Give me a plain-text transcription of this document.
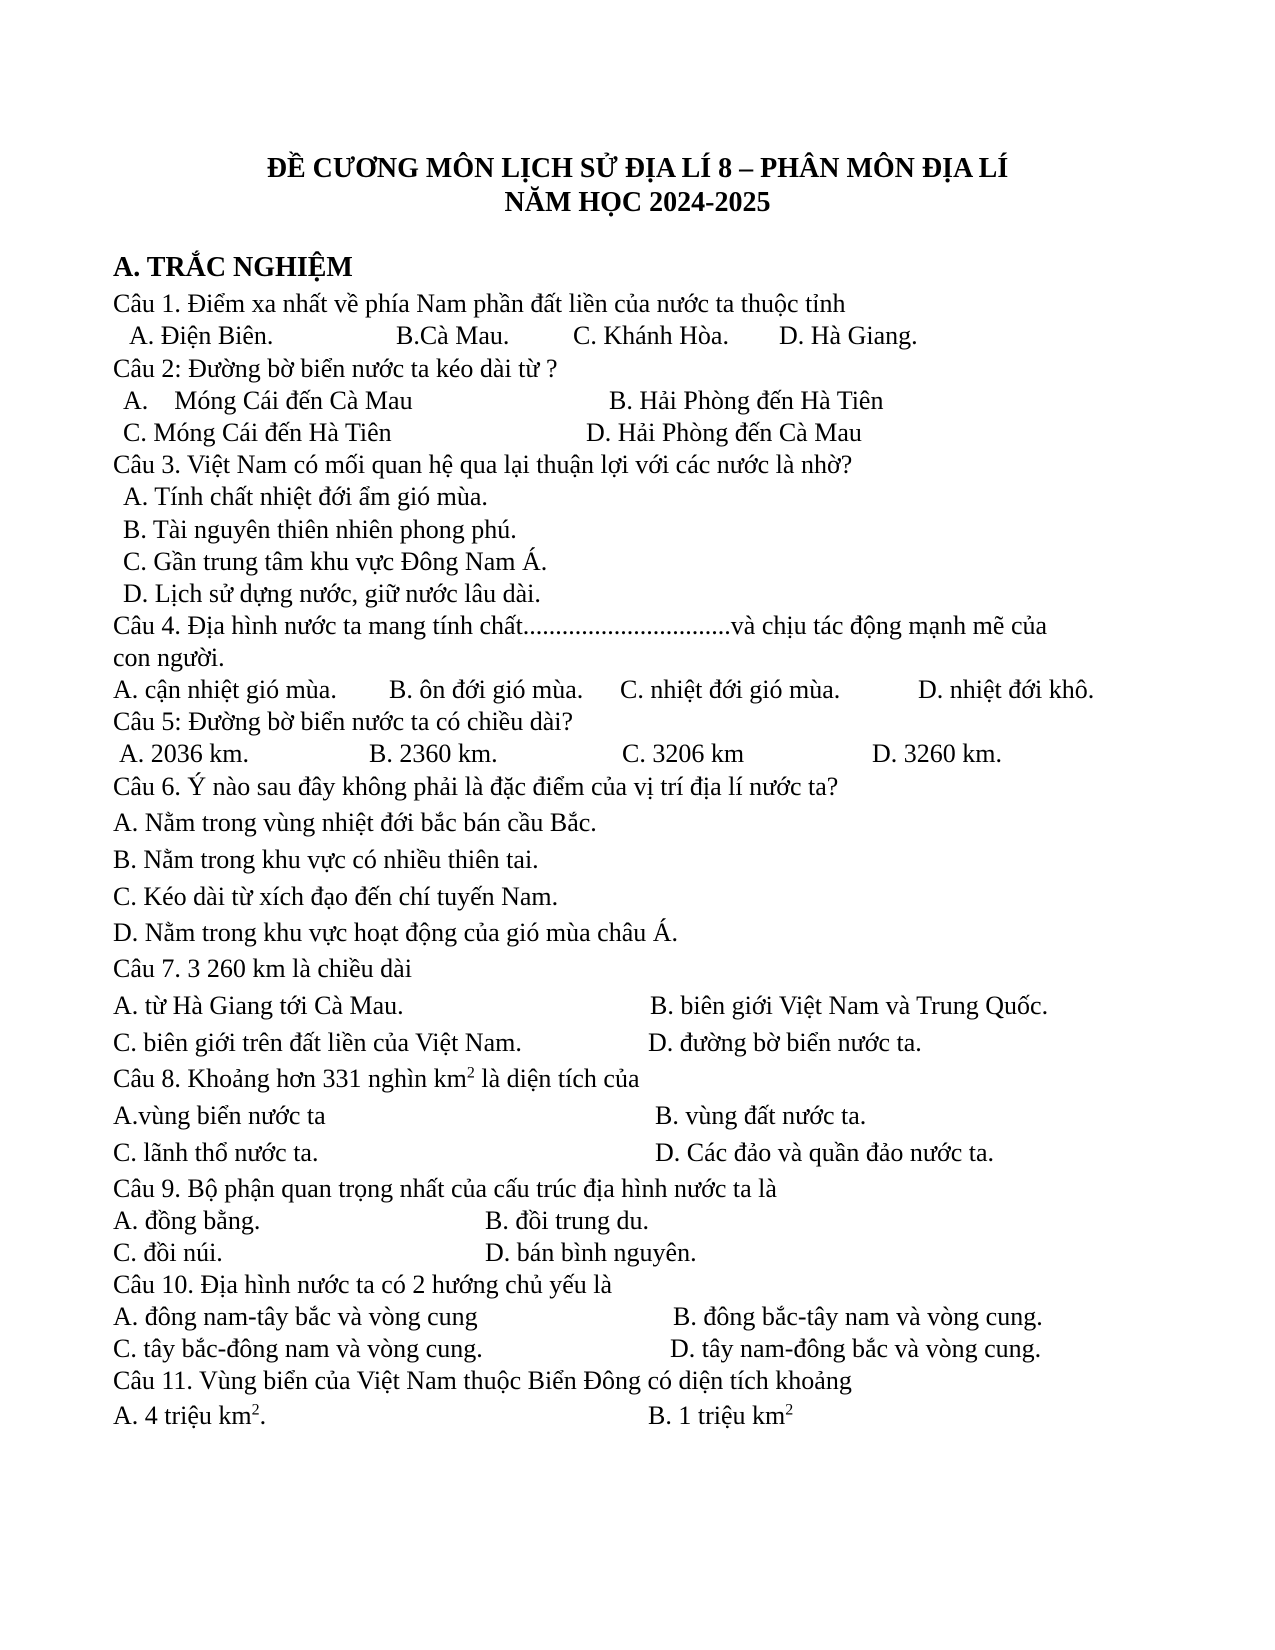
ĐỀ CƯƠNG MÔN LỊCH SỬ ĐỊA LÍ 8 – PHÂN MÔN ĐỊA LÍ
NĂM HỌC 2024-2025
A. TRẮC NGHIỆM
Câu 1. Điểm xa nhất về phía Nam phần đất liền của nước ta thuộc tỉnh
A. Điện Biên.	B.Cà Mau. C. Khánh Hòa. D. Hà Giang.
Câu 2: Đường bờ biển nước ta kéo dài từ ?
A.    Móng Cái đến Cà Mau	B. Hải Phòng đến Hà Tiên
C. Móng Cái đến Hà Tiên	D. Hải Phòng đến Cà Mau
Câu 3. Việt Nam có mối quan hệ qua lại thuận lợi với các nước là nhờ?
A. Tính chất nhiệt đới ẩm gió mùa.
B. Tài nguyên thiên nhiên phong phú.
C. Gần trung tâm khu vực Đông Nam Á.
D. Lịch sử dựng nước, giữ nước lâu dài.
Câu 4. Địa hình nước ta mang tính chất................................và chịu tác động mạnh mẽ của
con người.
A. cận nhiệt gió mùa. B. ôn đới gió mùa. C. nhiệt đới gió mùa.	D. nhiệt đới khô.
Câu 5: Đường bờ biển nước ta có chiều dài?
A. 2036 km.	B. 2360 km.	C. 3206 km	D. 3260 km.
Câu 6. Ý nào sau đây không phải là đặc điểm của vị trí địa lí nước ta?
A. Nằm trong vùng nhiệt đới bắc bán cầu Bắc.
B. Nằm trong khu vực có nhiều thiên tai.
C. Kéo dài từ xích đạo đến chí tuyến Nam.
D. Nằm trong khu vực hoạt động của gió mùa châu Á.
Câu 7. 3 260 km là chiều dài
A. từ Hà Giang tới Cà Mau.	B. biên giới Việt Nam và Trung Quốc.
C. biên giới trên đất liền của Việt Nam.	D. đường bờ biển nước ta.
Câu 8. Khoảng hơn 331 nghìn $km^2$ là diện tích của
A.vùng biển nước ta	B. vùng đất nước ta.
C. lãnh thổ nước ta.	D. Các đảo và quần đảo nước ta.
Câu 9. Bộ phận quan trọng nhất của cấu trúc địa hình nước ta là
A. đồng bằng.	B. đồi trung du.
C. đồi núi.	D. bán bình nguyên.
Câu 10. Địa hình nước ta có 2 hướng chủ yếu là
A. đông nam-tây bắc và vòng cung	B. đông bắc-tây nam và vòng cung.
C. tây bắc-đông nam và vòng cung.	D. tây nam-đông bắc và vòng cung.
Câu 11. Vùng biển của Việt Nam thuộc Biển Đông có diện tích khoảng
A. 4 triệu $km^2$.	B. 1 triệu $km^2$
